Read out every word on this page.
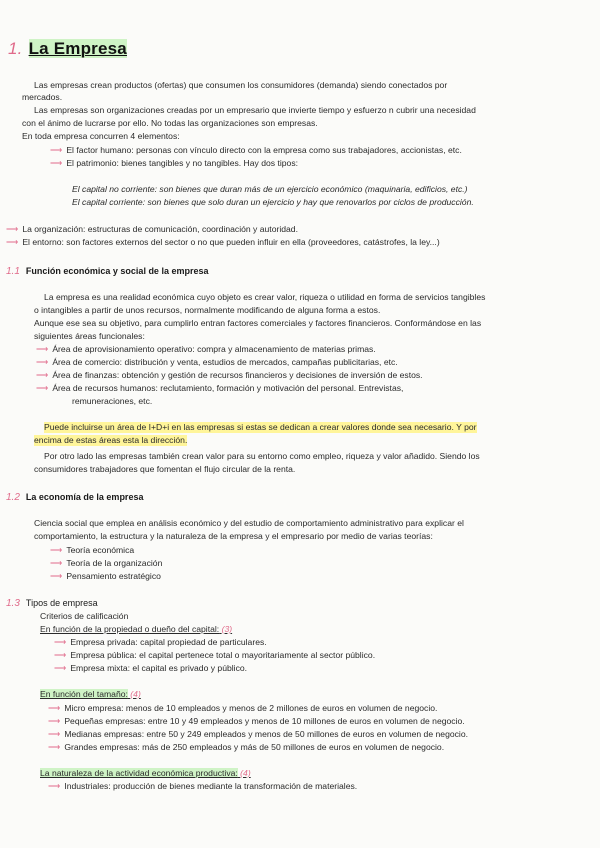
1. La Empresa
Las empresas crean productos (ofertas) que consumen los consumidores (demanda) siendo conectados por
mercados.
Las empresas son organizaciones creadas por un empresario que invierte tiempo y esfuerzo n cubrir una necesidad
con el ánimo de lucrarse por ello. No todas las organizaciones son empresas.
En toda empresa concurren 4 elementos:
⟶ El factor humano: personas con vínculo directo con la empresa como sus trabajadores, accionistas, etc.
⟶ El patrimonio: bienes tangibles y no tangibles. Hay dos tipos:
El capital no corriente: son bienes que duran más de un ejercicio económico (maquinaria, edificios, etc.)
El capital corriente: son bienes que solo duran un ejercicio y hay que renovarlos por ciclos de producción.
⟶ La organización: estructuras de comunicación, coordinación y autoridad.
⟶ El entorno: son factores externos del sector o no que pueden influir en ella (proveedores, catástrofes, la ley...)
1.1 Función económica y social de la empresa
La empresa es una realidad económica cuyo objeto es crear valor, riqueza o utilidad en forma de servicios tangibles
o intangibles a partir de unos recursos, normalmente modificando de alguna forma a estos.
Aunque ese sea su objetivo, para cumplirlo entran factores comerciales y factores financieros. Conformándose en las
siguientes áreas funcionales:
⟶ Área de aprovisionamiento operativo: compra y almacenamiento de materias primas.
⟶ Área de comercio: distribución y venta, estudios de mercados, campañas publicitarias, etc.
⟶ Área de finanzas: obtención y gestión de recursos financieros y decisiones de inversión de estos.
⟶ Área de recursos humanos: reclutamiento, formación y motivación del personal. Entrevistas,
remuneraciones, etc.
Puede incluirse un área de I+D+i en las empresas si estas se dedican a crear valores donde sea necesario. Y por
encima de estas áreas esta la dirección.
Por otro lado las empresas también crean valor para su entorno como empleo, riqueza y valor añadido. Siendo los
consumidores trabajadores que fomentan el flujo circular de la renta.
1.2 La economía de la empresa
Ciencia social que emplea en análisis económico y del estudio de comportamiento administrativo para explicar el
comportamiento, la estructura y la naturaleza de la empresa y el empresario por medio de varias teorías:
⟶ Teoría económica
⟶ Teoría de la organización
⟶ Pensamiento estratégico
1.3 Tipos de empresa
Criterios de calificación
En función de la propiedad o dueño del capital: (3)
⟶ Empresa privada: capital propiedad de particulares.
⟶ Empresa pública: el capital pertenece total o mayoritariamente al sector público.
⟶ Empresa mixta: el capital es privado y público.
En función del tamaño: (4)
⟶ Micro empresa: menos de 10 empleados y menos de 2 millones de euros en volumen de negocio.
⟶ Pequeñas empresas: entre 10 y 49 empleados y menos de 10 millones de euros en volumen de negocio.
⟶ Medianas empresas: entre 50 y 249 empleados y menos de 50 millones de euros en volumen de negocio.
⟶ Grandes empresas: más de 250 empleados y más de 50 millones de euros en volumen de negocio.
La naturaleza de la actividad económica productiva: (4)
⟶ Industriales: producción de bienes mediante la transformación de materiales.
